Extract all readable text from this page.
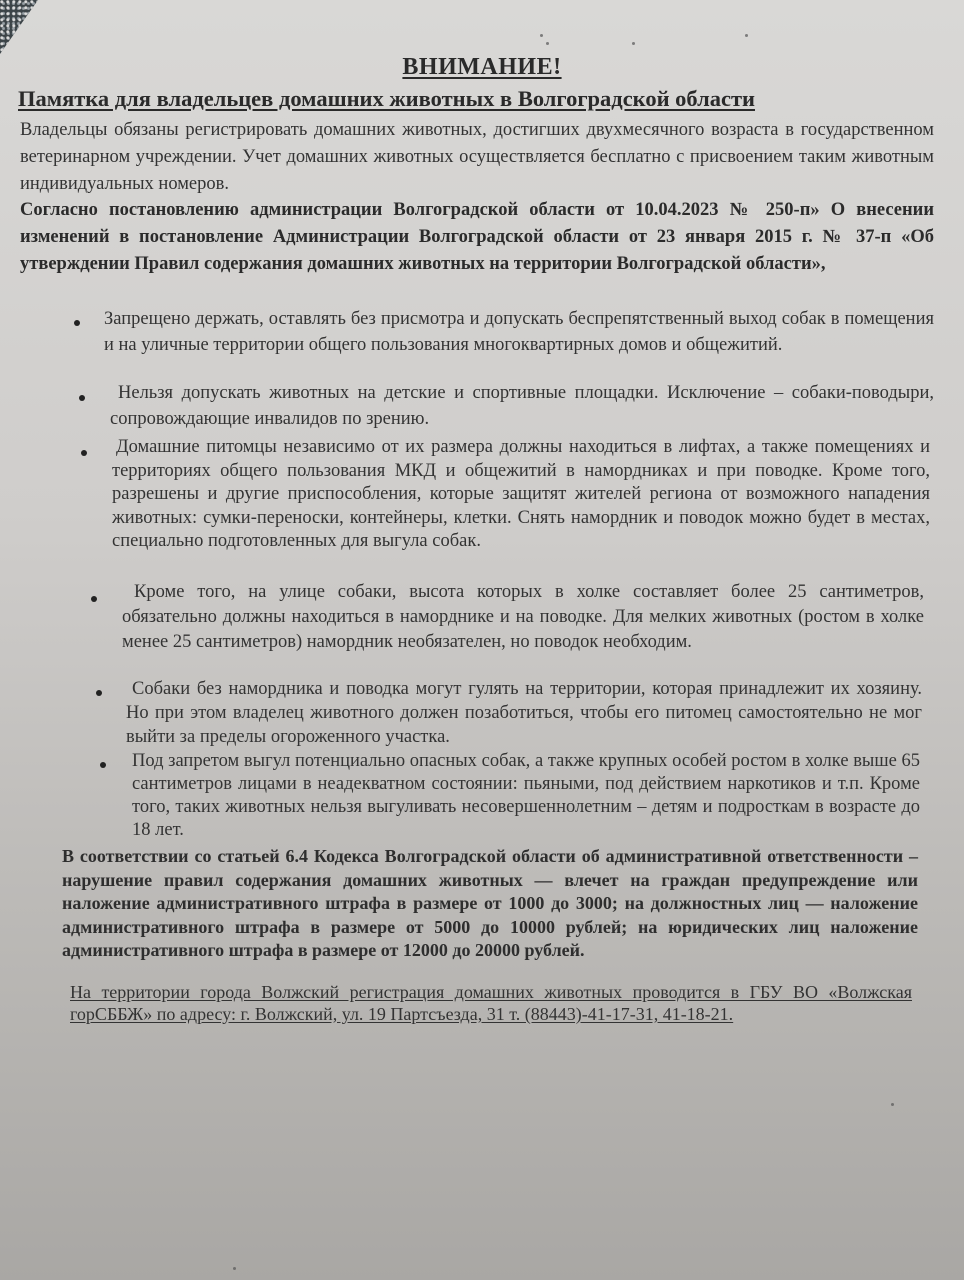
ВНИМАНИЕ!
Памятка для владельцев домашних животных в Волгоградской области
Владельцы обязаны регистрировать домашних животных, достигших двухмесячного возраста в государственном ветеринарном учреждении. Учет домашних животных осуществляется бесплатно с присвоением таким животным индивидуальных номеров.
Согласно постановлению администрации Волгоградской области от 10.04.2023 № 250-п» О внесении изменений в постановление Администрации Волгоградской области от 23 января 2015 г. № 37-п «Об утверждении Правил содержания домашних животных на территории Волгоградской области»,
Запрещено держать, оставлять без присмотра и допускать беспрепятственный выход собак в помещения и на уличные территории общего пользования многоквартирных домов и общежитий.
Нельзя допускать животных на детские и спортивные площадки. Исключение – собаки-поводыри, сопровождающие инвалидов по зрению.
Домашние питомцы независимо от их размера должны находиться в лифтах, а также помещениях и территориях общего пользования МКД и общежитий в намордниках и при поводке. Кроме того, разрешены и другие приспособления, которые защитят жителей региона от возможного нападения животных: сумки-переноски, контейнеры, клетки. Снять намордник и поводок можно будет в местах, специально подготовленных для выгула собак.
Кроме того, на улице собаки, высота которых в холке составляет более 25 сантиметров, обязательно должны находиться в наморднике и на поводке. Для мелких животных (ростом в холке менее 25 сантиметров) намордник необязателен, но поводок необходим.
Собаки без намордника и поводка могут гулять на территории, которая принадлежит их хозяину. Но при этом владелец животного должен позаботиться, чтобы его питомец самостоятельно не мог выйти за пределы огороженного участка.
Под запретом выгул потенциально опасных собак, а также крупных особей ростом в холке выше 65 сантиметров лицами в неадекватном состоянии: пьяными, под действием наркотиков и т.п. Кроме того, таких животных нельзя выгуливать несовершеннолетним – детям и подросткам в возрасте до 18 лет.
В соответствии со статьей 6.4 Кодекса Волгоградской области об административной ответственности – нарушение правил содержания домашних животных — влечет на граждан предупреждение или наложение административного штрафа в размере от 1000 до 3000; на должностных лиц — наложение административного штрафа в размере от 5000 до 10000 рублей; на юридических лиц наложение административного штрафа в размере от 12000 до 20000 рублей.
На территории города Волжский регистрация домашних животных проводится в ГБУ ВО «Волжская горСББЖ» по адресу: г. Волжский, ул. 19 Партсъезда, 31 т. (88443)-41-17-31, 41-18-21.
